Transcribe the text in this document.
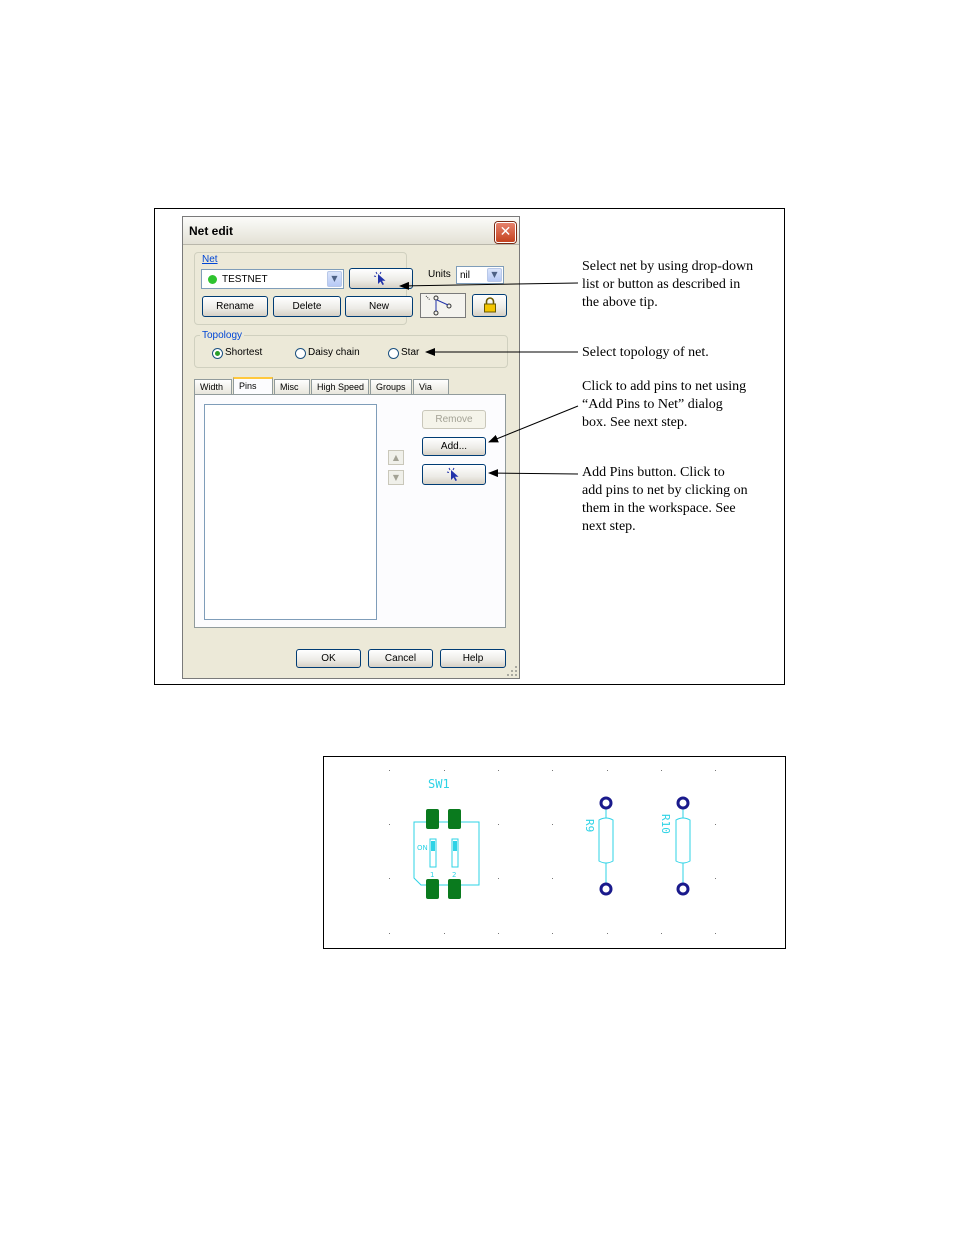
Net edit	✕
Net
TESTNET	▼	Units nil	▼
Rename	Delete	New
Topology
Shortest	Daisy chain	Star
Width	Pins	Misc	High Speed	Groups	Via
▲
▼
Remove
Add...
OK	Cancel	Help
Select net by using drop-down
list or button as described in
the above tip.
Select topology of net.
Click to add pins to net using
“Add Pins to Net” dialog
box. See next step.
Add Pins button. Click to
add pins to net by clicking on
them in the workspace. See
next step.
SW1
ON
1	2
R9	R10
